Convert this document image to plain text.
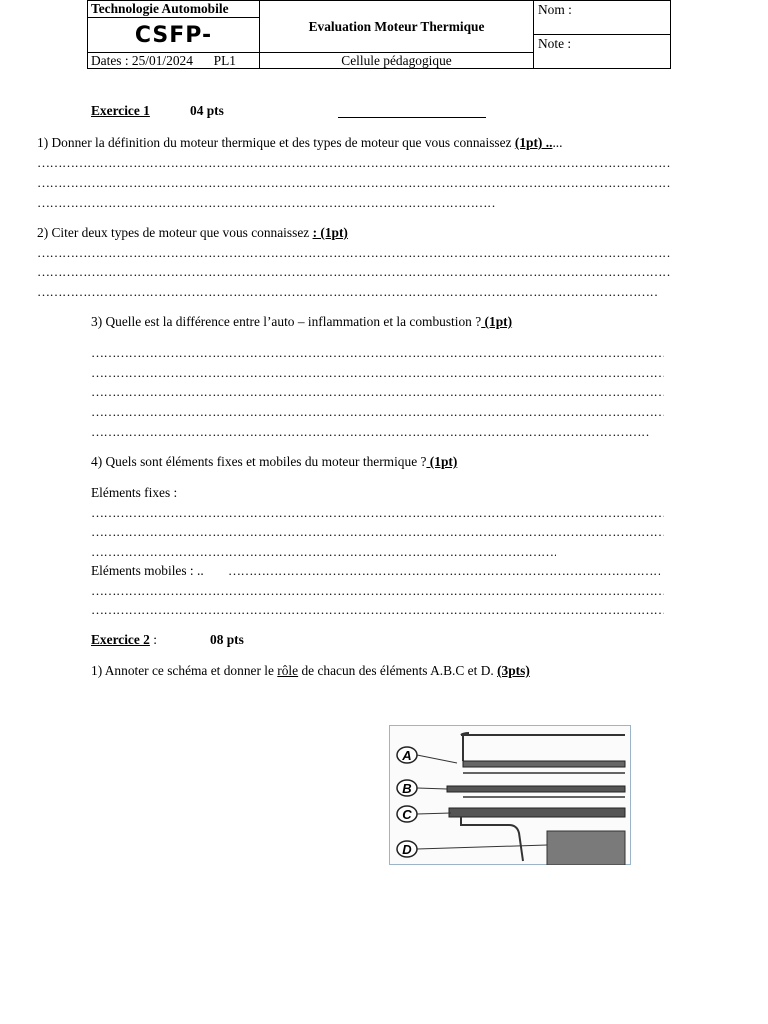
Technologie Automobile
CSFP-
Dates : 25/01/2024 PL1
Evaluation Moteur Thermique
Cellule pédagogique
Nom :
Note :
Exercice 1	04 pts
1) Donner la définition du moteur thermique et des types de moteur que vous connaissez (1pt) .....
…………………………………………………………………………………………………………………………………………………………………………
…………………………………………………………………………………………………………………………………………………………………………
…………………………………………………………………………………………………………………………………………………………………………
2) Citer deux types de moteur que vous connaissez : (1pt)
…………………………………………………………………………………………………………………………………………………………………………
…………………………………………………………………………………………………………………………………………………………………………
…………………………………………………………………………………………………………………………………………………………………………
3) Quelle est la différence entre l’auto – inflammation et la combustion ? (1pt)
…………………………………………………………………………………………………………………………………………………………………………
…………………………………………………………………………………………………………………………………………………………………………
…………………………………………………………………………………………………………………………………………………………………………
…………………………………………………………………………………………………………………………………………………………………………
…………………………………………………………………………………………………………………………………………………………………………
4) Quels sont éléments fixes et mobiles du moteur thermique ? (1pt)
Eléments fixes :
…………………………………………………………………………………………………………………………………………………………………………
…………………………………………………………………………………………………………………………………………………………………………
…………………………………………………………………………………………………………………………………………………………………………
Eléments mobiles : ..
…………………………………………………………………………………………………………………………………………………………………………
…………………………………………………………………………………………………………………………………………………………………………
…………………………………………………………………………………………………………………………………………………………………………
Exercice 2 :	08 pts
1) Annoter ce schéma et donner le rôle de chacun des éléments A.B.C et D. (3pts)
A
B
C
D
